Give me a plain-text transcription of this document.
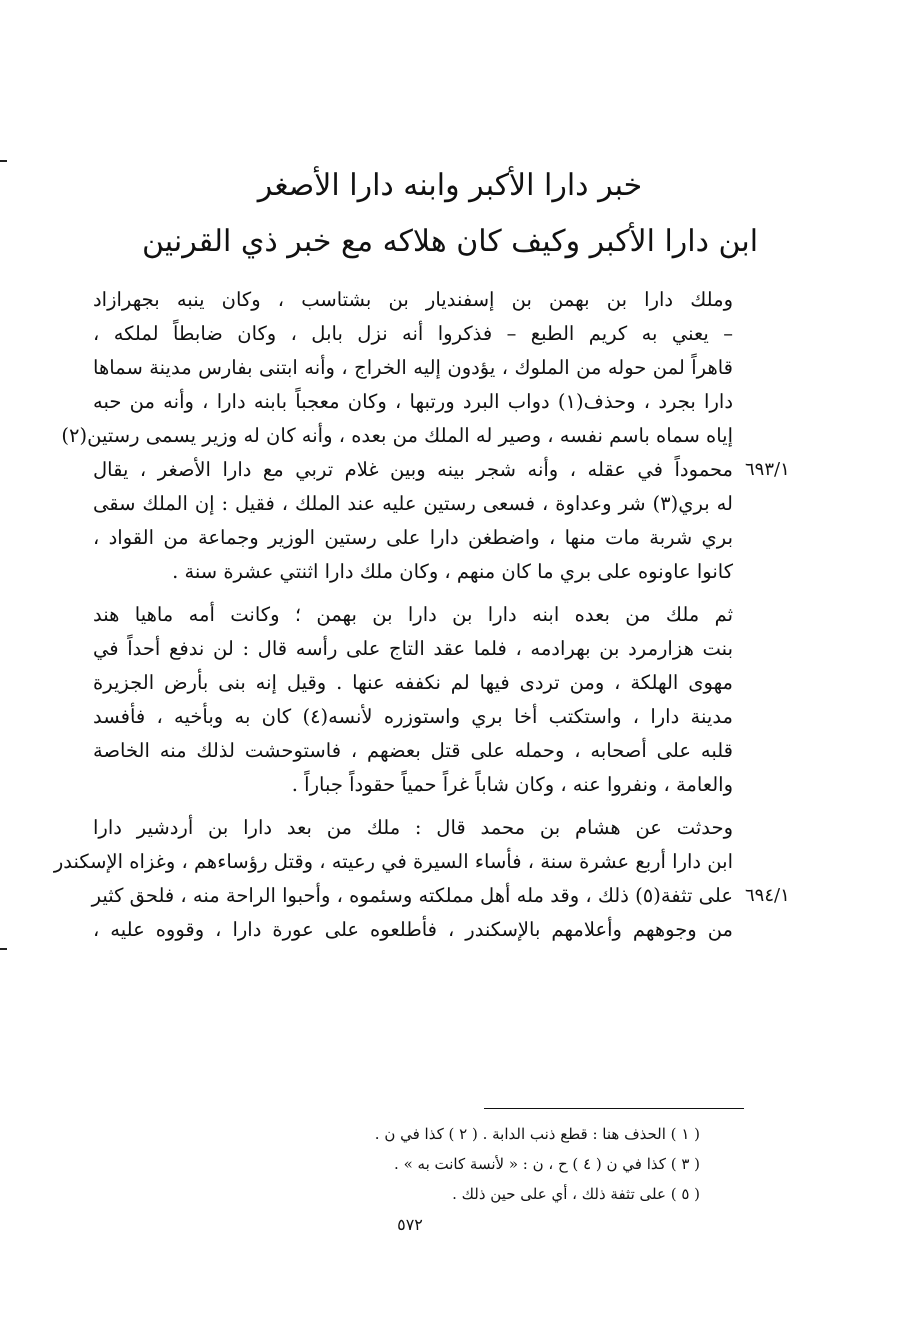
خبر دارا الأكبر وابنه دارا الأصغر
ابن دارا الأكبر وكيف كان هلاكه مع خبر ذي القرنين
وملك دارا بن بهمن بن إسفنديار بن بشتاسب ، وكان ينبه بجهرازاد
– يعني به كريم الطبع – فذكروا أنه نزل بابل ، وكان ضابطاً لملكه ،
قاهراً لمن حوله من الملوك ، يؤدون إليه الخراج ، وأنه ابتنى بفارس مدينة سماها
دارا بجرد ، وحذف(١) دواب البرد ورتبها ، وكان معجباً بابنه دارا ، وأنه من حبه
إياه سماه باسم نفسه ، وصير له الملك من بعده ، وأنه كان له وزير يسمى رستين(٢)
محموداً في عقله ، وأنه شجر بينه وبين غلام تربي مع دارا الأصغر ، يقال
له بري(٣) شر وعداوة ، فسعى رستين عليه عند الملك ، فقيل : إن الملك سقى
بري شربة مات منها ، واضطغن دارا على رستين الوزير وجماعة من القواد ،
كانوا عاونوه على بري ما كان منهم ، وكان ملك دارا اثنتي عشرة سنة .
ثم ملك من بعده ابنه دارا بن دارا بن بهمن ؛ وكانت أمه ماهيا هند
بنت هزارمرد بن بهرادمه ، فلما عقد التاج على رأسه قال : لن ندفع أحداً في
مهوى الهلكة ، ومن تردى فيها لم نكففه عنها . وقيل إنه بنى بأرض الجزيرة
مدينة دارا ، واستكتب أخا بري واستوزره لأنسه(٤) كان به وبأخيه ، فأفسد
قلبه على أصحابه ، وحمله على قتل بعضهم ، فاستوحشت لذلك منه الخاصة
والعامة ، ونفروا عنه ، وكان شاباً غراً حمياً حقوداً جباراً .
وحدثت عن هشام بن محمد قال : ملك من بعد دارا بن أردشير دارا
ابن دارا أربع عشرة سنة ، فأساء السيرة في رعيته ، وقتل رؤساءهم ، وغزاه الإسكندر
على تثفة(٥) ذلك ، وقد مله أهل مملكته وسئموه ، وأحبوا الراحة منه ، فلحق كثير
من وجوههم وأعلامهم بالإسكندر ، فأطلعوه على عورة دارا ، وقووه عليه ،
٦٩٣/١
٦٩٤/١
( ١ ) الحذف هنا : قطع ذنب الدابة . ( ٢ ) كذا في ن .
( ٣ ) كذا في ن ( ٤ ) ح ، ن : « لأنسة كانت به » .
( ٥ ) على تثفة ذلك ، أي على حين ذلك .
٥٧٢
